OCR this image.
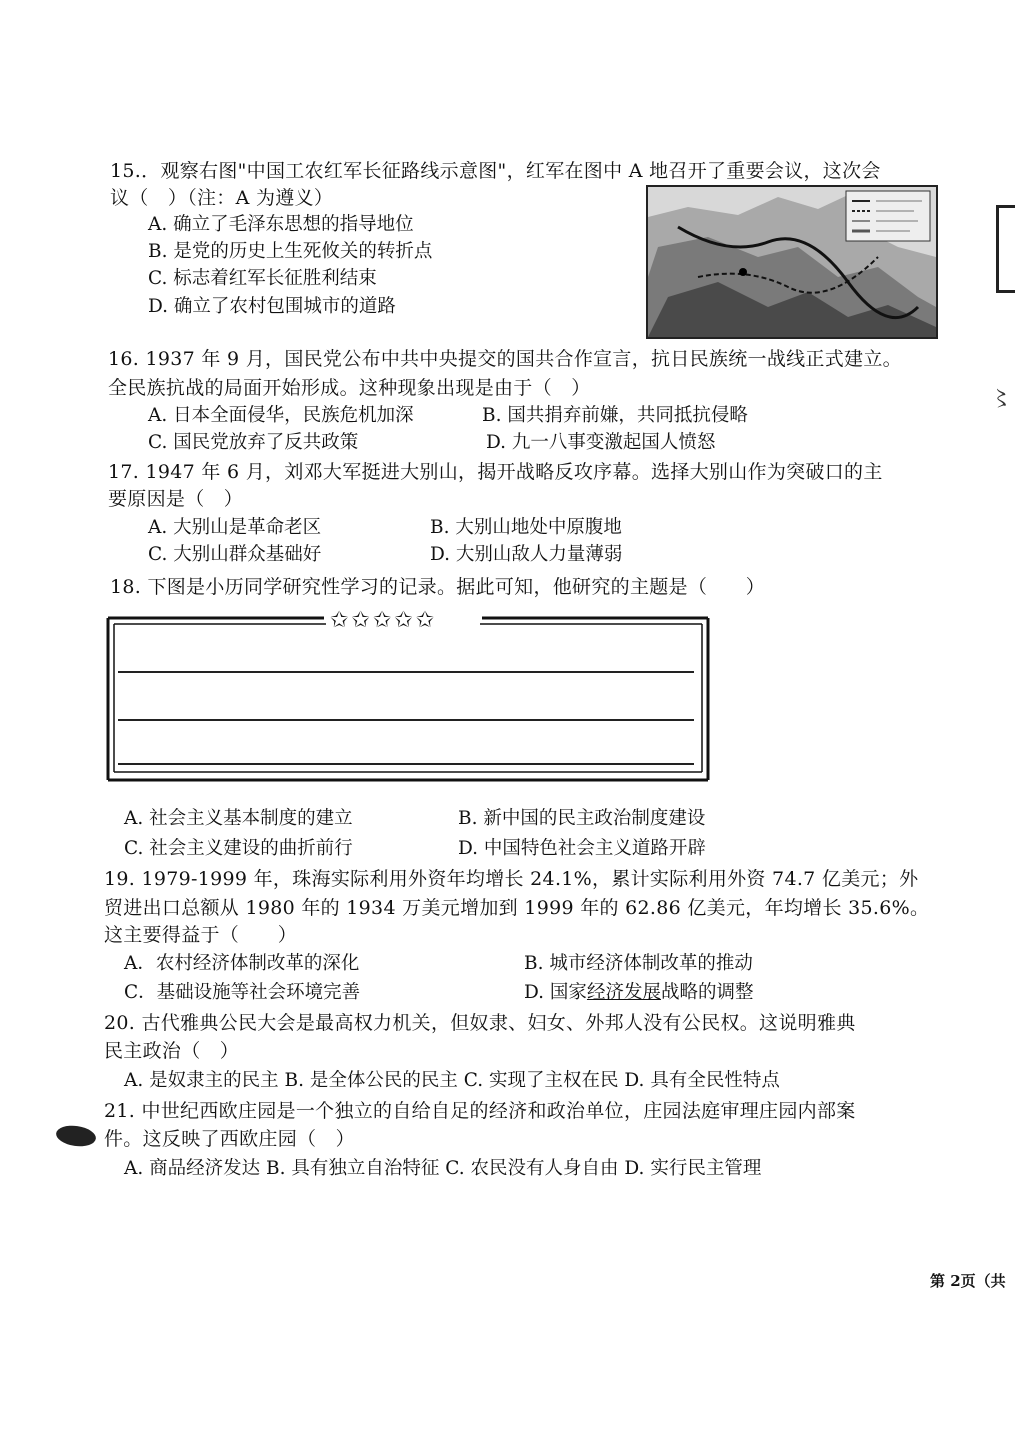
15.．观察右图"中国工农红军长征路线示意图"，红军在图中 A 地召开了重要会议，这次会
议（　）（注：A 为遵义）
A. 确立了毛泽东思想的指导地位
B. 是党的历史上生死攸关的转折点
C. 标志着红军长征胜利结束
D. 确立了农村包围城市的道路
16. 1937 年 9 月，国民党公布中共中央提交的国共合作宣言，抗日民族统一战线正式建立。
全民族抗战的局面开始形成。这种现象出现是由于（　）
A. 日本全面侵华，民族危机加深	B. 国共捐弃前嫌，共同抵抗侵略
C. 国民党放弃了反共政策	D. 九一八事变激起国人愤怒
17. 1947 年 6 月，刘邓大军挺进大别山，揭开战略反攻序幕。选择大别山作为突破口的主
要原因是（　）
A. 大别山是革命老区	B. 大别山地处中原腹地
C. 大别山群众基础好	D. 大别山敌人力量薄弱
18. 下图是小历同学研究性学习的记录。据此可知，他研究的主题是（　　）
✩✩✩✩✩
A. 社会主义基本制度的建立	B. 新中国的民主政治制度建设
C. 社会主义建设的曲折前行	D. 中国特色社会主义道路开辟
19. 1979-1999 年，珠海实际利用外资年均增长 24.1%，累计实际利用外资 74.7 亿美元；外
贸进出口总额从 1980 年的 1934 万美元增加到 1999 年的 62.86 亿美元，年均增长 35.6%。
这主要得益于（　　）
A．农村经济体制改革的深化	B. 城市经济体制改革的推动
C．基础设施等社会环境完善	D. 国家经济发展战略的调整
20. 古代雅典公民大会是最高权力机关，但奴隶、妇女、外邦人没有公民权。这说明雅典
民主政治（　）
A. 是奴隶主的民主 B. 是全体公民的民主 C. 实现了主权在民 D. 具有全民性特点
21. 中世纪西欧庄园是一个独立的自给自足的经济和政治单位，庄园法庭审理庄园内部案
件。这反映了西欧庄园（　）
A. 商品经济发达 B. 具有独立自治特征 C. 农民没有人身自由 D. 实行民主管理
〻
第 2页（共
